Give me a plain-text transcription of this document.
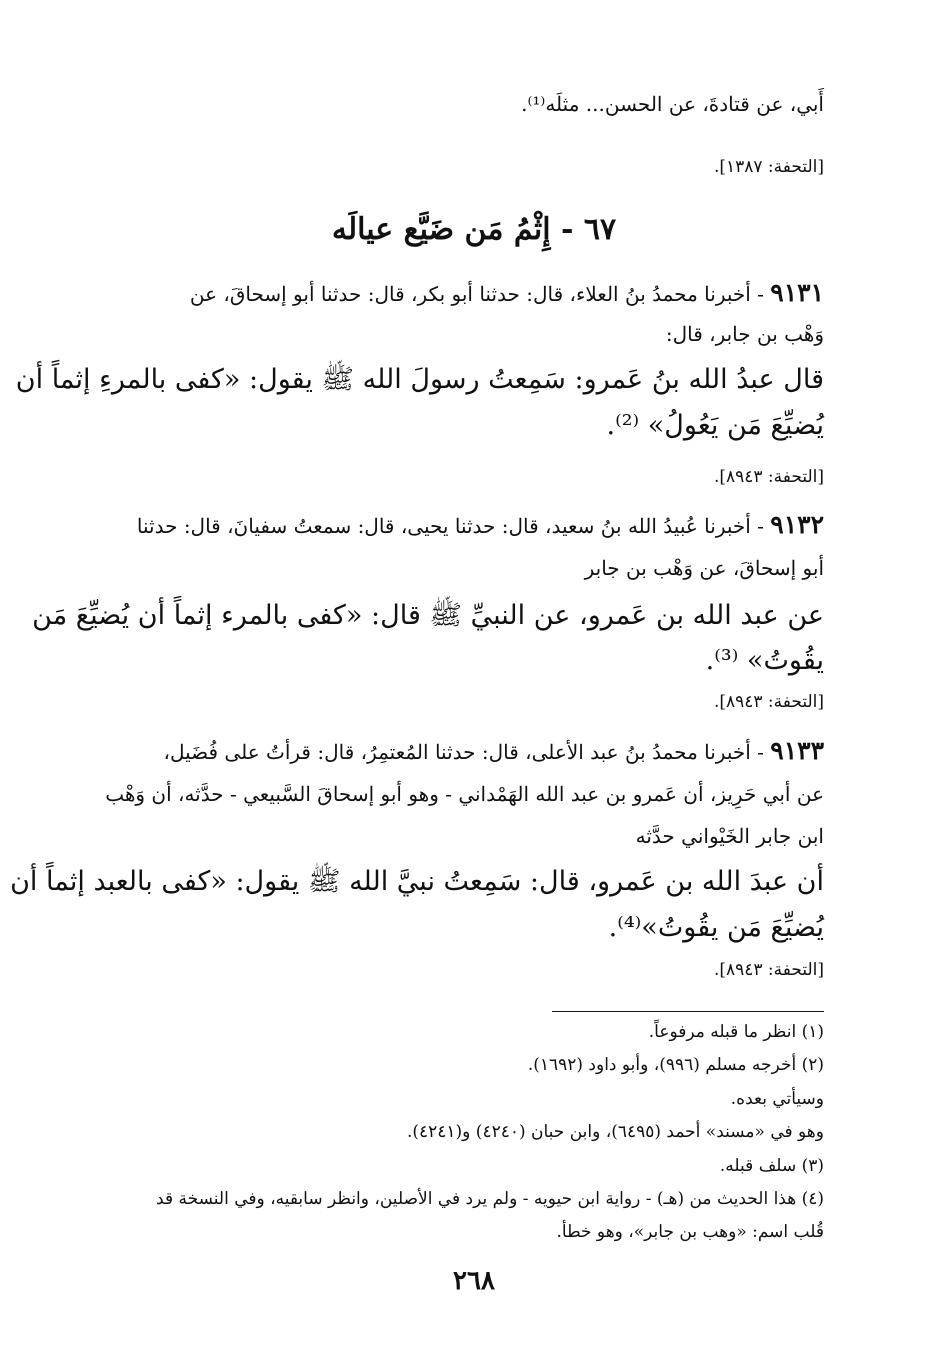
أَبي، عن قتادةَ، عن الحسن... مثلَه⁽¹⁾.
[التحفة: ١٣٨٧].
٦٧ - إِثْمُ مَن ضَيَّع عيالَه
٩١٣١ - أخبرنا محمدُ بنُ العلاء، قال: حدثنا أبو بكر، قال: حدثنا أبو إسحاقَ، عن
وَهْب بن جابر، قال:
قال عبدُ الله بنُ عَمرو: سَمِعتُ رسولَ الله ﷺ يقول: «كفى بالمرءِ إثماً أن
يُضيِّعَ مَن يَعُولُ» ⁽²⁾.
[التحفة: ٨٩٤٣].
٩١٣٢ - أخبرنا عُبيدُ الله بنُ سعيد، قال: حدثنا يحيى، قال: سمعتُ سفيانَ، قال: حدثنا
أبو إسحاقَ، عن وَهْب بن جابر
عن عبد الله بن عَمرو، عن النبيِّ ﷺ قال: «كفى بالمرء إثماً أن يُضيِّعَ مَن
يقُوتُ» ⁽³⁾.
[التحفة: ٨٩٤٣].
٩١٣٣ - أخبرنا محمدُ بنُ عبد الأعلى، قال: حدثنا المُعتمِرُ، قال: قرأتُ على فُضَيل،
عن أبي حَرِيز، أن عَمرو بن عبد الله الهَمْداني - وهو أبو إسحاقَ السَّبيعي - حدَّثه، أن وَهْب
ابن جابر الخَيْواني حدَّثه
أن عبدَ الله بن عَمرو، قال: سَمِعتُ نبيَّ الله ﷺ يقول: «كفى بالعبد إثماً أن
يُضيِّعَ مَن يقُوتُ»⁽⁴⁾.
[التحفة: ٨٩٤٣].
(١) انظر ما قبله مرفوعاً.
(٢) أخرجه مسلم (٩٩٦)، وأبو داود (١٦٩٢).
وسيأتي بعده.
وهو في «مسند» أحمد (٦٤٩٥)، وابن حبان (٤٢٤٠) و(٤٢٤١).
(٣) سلف قبله.
(٤) هذا الحديث من (هـ) - رواية ابن حيويه - ولم يرد في الأصلين، وانظر سابقيه، وفي النسخة قد
قُلب اسم: «وهب بن جابر»، وهو خطأ.
٢٦٨
